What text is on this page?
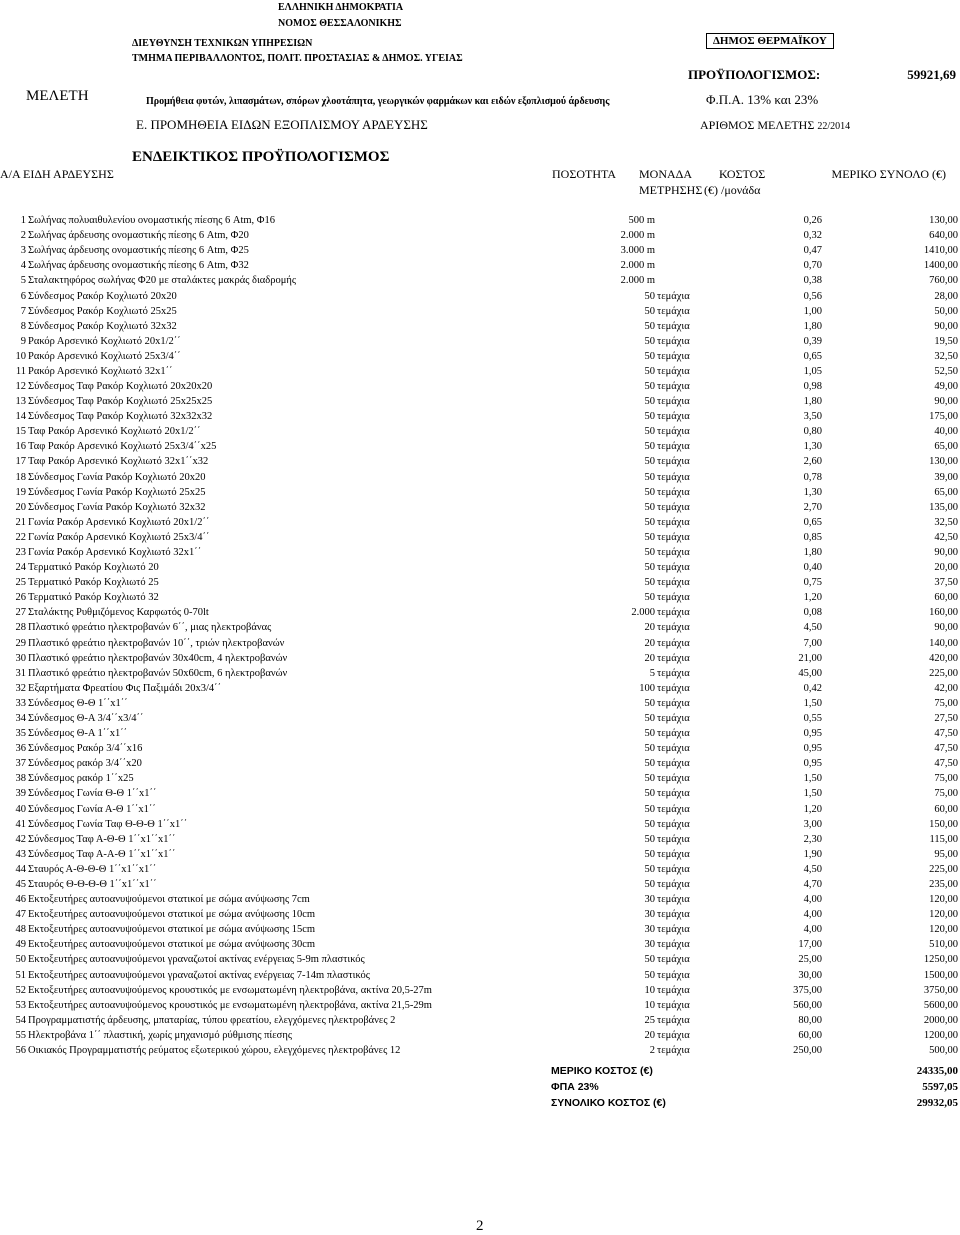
ΕΛΛΗΝΙΚΗ ΔΗΜΟΚΡΑΤΙΑ
ΝΟΜΟΣ ΘΕΣΣΑΛΟΝΙΚΗΣ
ΔΙΕΥΘΥΝΣΗ ΤΕΧΝΙΚΩΝ ΥΠΗΡΕΣΙΩΝ
ΤΜΗΜΑ ΠΕΡΙΒΑΛΛΟΝΤΟΣ, ΠΟΛΙΤ. ΠΡΟΣΤΑΣΙΑΣ & ΔΗΜΟΣ. ΥΓΕΙΑΣ
ΔΗΜΟΣ ΘΕΡΜΑΪΚΟΥ
ΠΡΟΫΠΟΛΟΓΙΣΜΟΣ:	59921,69
ΜΕΛΕΤΗ	Προμήθεια φυτών, λιπασμάτων, σπόρων χλοοτάπητα, γεωργικών φαρμάκων και ειδών εξοπλισμού άρδευσης	Φ.Π.Α. 13% και 23%
Ε. ΠΡΟΜΗΘΕΙΑ ΕΙΔΩΝ ΕΞΟΠΛΙΣΜΟΥ ΑΡΔΕΥΣΗΣ	ΑΡΙΘΜΟΣ ΜΕΛΕΤΗΣ 22/2014
ΕΝΔΕΙΚΤΙΚΟΣ ΠΡΟΫΠΟΛΟΓΙΣΜΟΣ
Α/Α ΕΙΔΗ ΑΡΔΕΥΣΗΣ	ΠΟΣΟΤΗΤΑ ΜΟΝΑΔΑ
ΜΕΤΡΗΣΗΣ
ΚΟΣΤΟΣ
(€) /μονάδα
ΜΕΡΙΚΟ ΣΥΝΟΛΟ (€)
1 Σωλήνας πολυαιθυλενίου ονομαστικής πίεσης 6 Atm, Φ16	500 m	0,26	130,00
2 Σωλήνας άρδευσης ονομαστικής πίεσης 6 Atm, Φ20	2.000 m	0,32	640,00
3 Σωλήνας άρδευσης ονομαστικής πίεσης 6 Atm, Φ25	3.000 m	0,47	1410,00
4 Σωλήνας άρδευσης ονομαστικής πίεσης 6 Atm, Φ32	2.000 m	0,70	1400,00
5 Σταλακτηφόρος σωλήνας Φ20 με σταλάκτες μακράς διαδρομής	2.000 m	0,38	760,00
6 Σύνδεσμος Ρακόρ Κοχλιωτό 20x20	50 τεμάχια	0,56	28,00
7 Σύνδεσμος Ρακόρ Κοχλιωτό 25x25	50 τεμάχια	1,00	50,00
8 Σύνδεσμος Ρακόρ Κοχλιωτό 32x32	50 τεμάχια	1,80	90,00
9 Ρακόρ Αρσενικό Κοχλιωτό 20x1/2΄΄	50 τεμάχια	0,39	19,50
10 Ρακόρ Αρσενικό Κοχλιωτό 25x3/4΄΄	50 τεμάχια	0,65	32,50
11 Ρακόρ Αρσενικό Κοχλιωτό 32x1΄΄	50 τεμάχια	1,05	52,50
12 Σύνδεσμος Ταφ Ρακόρ Κοχλιωτό 20x20x20	50 τεμάχια	0,98	49,00
13 Σύνδεσμος Ταφ Ρακόρ Κοχλιωτό 25x25x25	50 τεμάχια	1,80	90,00
14 Σύνδεσμος Ταφ Ρακόρ Κοχλιωτό 32x32x32	50 τεμάχια	3,50	175,00
15 Ταφ Ρακόρ Αρσενικό Κοχλιωτό 20x1/2΄΄	50 τεμάχια	0,80	40,00
16 Ταφ Ρακόρ Αρσενικό Κοχλιωτό 25x3/4΄΄x25	50 τεμάχια	1,30	65,00
17 Ταφ Ρακόρ Αρσενικό Κοχλιωτό 32x1΄΄x32	50 τεμάχια	2,60	130,00
18 Σύνδεσμος Γωνία Ρακόρ Κοχλιωτό 20x20	50 τεμάχια	0,78	39,00
19 Σύνδεσμος Γωνία Ρακόρ Κοχλιωτό 25x25	50 τεμάχια	1,30	65,00
20 Σύνδεσμος Γωνία Ρακόρ Κοχλιωτό 32x32	50 τεμάχια	2,70	135,00
21 Γωνία Ρακόρ Αρσενικό Κοχλιωτό 20x1/2΄΄	50 τεμάχια	0,65	32,50
22 Γωνία Ρακόρ Αρσενικό Κοχλιωτό 25x3/4΄΄	50 τεμάχια	0,85	42,50
23 Γωνία Ρακόρ Αρσενικό Κοχλιωτό 32x1΄΄	50 τεμάχια	1,80	90,00
24 Τερματικό Ρακόρ Κοχλιωτό 20	50 τεμάχια	0,40	20,00
25 Τερματικό Ρακόρ Κοχλιωτό 25	50 τεμάχια	0,75	37,50
26 Τερματικό Ρακόρ Κοχλιωτό 32	50 τεμάχια	1,20	60,00
27 Σταλάκτης Ρυθμιζόμενος Καρφωτός 0-70lt	2.000 τεμάχια	0,08	160,00
28 Πλαστικό φρεάτιο ηλεκτροβανών 6΄΄, μιας ηλεκτροβάνας	20 τεμάχια	4,50	90,00
29 Πλαστικό φρεάτιο ηλεκτροβανών 10΄΄, τριών ηλεκτροβανών	20 τεμάχια	7,00	140,00
30 Πλαστικό φρεάτιο ηλεκτροβανών 30x40cm, 4 ηλεκτροβανών	20 τεμάχια	21,00	420,00
31 Πλαστικό φρεάτιο ηλεκτροβανών 50x60cm, 6 ηλεκτροβανών	5 τεμάχια	45,00	225,00
32 Εξαρτήματα Φρεατίου Φις Παξιμάδι 20x3/4΄΄	100 τεμάχια	0,42	42,00
33 Σύνδεσμος Θ-Θ 1΄΄x1΄΄	50 τεμάχια	1,50	75,00
34 Σύνδεσμος Θ-Α 3/4΄΄x3/4΄΄	50 τεμάχια	0,55	27,50
35 Σύνδεσμος Θ-Α 1΄΄x1΄΄	50 τεμάχια	0,95	47,50
36 Σύνδεσμος Ρακόρ 3/4΄΄x16	50 τεμάχια	0,95	47,50
37 Σύνδεσμος ρακόρ 3/4΄΄x20	50 τεμάχια	0,95	47,50
38 Σύνδεσμος ρακόρ 1΄΄x25	50 τεμάχια	1,50	75,00
39 Σύνδεσμος Γωνία Θ-Θ 1΄΄x1΄΄	50 τεμάχια	1,50	75,00
40 Σύνδεσμος Γωνία Α-Θ 1΄΄x1΄΄	50 τεμάχια	1,20	60,00
41 Σύνδεσμος Γωνία Ταφ Θ-Θ-Θ 1΄΄x1΄΄	50 τεμάχια	3,00	150,00
42 Σύνδεσμος Ταφ Α-Θ-Θ 1΄΄x1΄΄x1΄΄	50 τεμάχια	2,30	115,00
43 Σύνδεσμος Ταφ Α-Α-Θ 1΄΄x1΄΄x1΄΄	50 τεμάχια	1,90	95,00
44 Σταυρός Α-Θ-Θ-Θ 1΄΄x1΄΄x1΄΄	50 τεμάχια	4,50	225,00
45 Σταυρός Θ-Θ-Θ-Θ 1΄΄x1΄΄x1΄΄	50 τεμάχια	4,70	235,00
46 Εκτοξευτήρες αυτοανυψούμενοι στατικοί με σώμα ανύψωσης 7cm	30 τεμάχια	4,00	120,00
47 Εκτοξευτήρες αυτοανυψούμενοι στατικοί με σώμα ανύψωσης 10cm	30 τεμάχια	4,00	120,00
48 Εκτοξευτήρες αυτοανυψούμενοι στατικοί με σώμα ανύψωσης 15cm	30 τεμάχια	4,00	120,00
49 Εκτοξευτήρες αυτοανυψούμενοι στατικοί με σώμα ανύψωσης 30cm	30 τεμάχια	17,00	510,00
50 Εκτοξευτήρες αυτοανυψούμενοι γραναζωτοί ακτίνας ενέργειας 5-9m πλαστικός	50 τεμάχια	25,00	1250,00
51 Εκτοξευτήρες αυτοανυψούμενοι γραναζωτοί ακτίνας ενέργειας 7-14m πλαστικός	50 τεμάχια	30,00	1500,00
52 Εκτοξευτήρες αυτοανυψούμενος κρουστικός με ενσωματωμένη ηλεκτροβάνα, ακτίνα 20,5-27m	10 τεμάχια	375,00	3750,00
53 Εκτοξευτήρες αυτοανυψούμενος κρουστικός με ενσωματωμένη ηλεκτροβάνα, ακτίνα 21,5-29m	10 τεμάχια	560,00	5600,00
54 Προγραμματιστής άρδευσης, μπαταρίας, τύπου φρεατίου, ελεγχόμενες ηλεκτροβάνες 2	25 τεμάχια	80,00	2000,00
55 Ηλεκτροβάνα 1΄΄ πλαστική, χωρίς μηχανισμό ρύθμισης πίεσης	20 τεμάχια	60,00	1200,00
56 Οικιακός Προγραμματιστής ρεύματος εξωτερικού χώρου, ελεγχόμενες ηλεκτροβάνες 12	2 τεμάχια	250,00	500,00
ΜΕΡΙΚΟ ΚΟΣΤΟΣ (€)	24335,00
ΦΠΑ 23%	5597,05
ΣΥΝΟΛΙΚΟ ΚΟΣΤΟΣ (€)	29932,05
2
